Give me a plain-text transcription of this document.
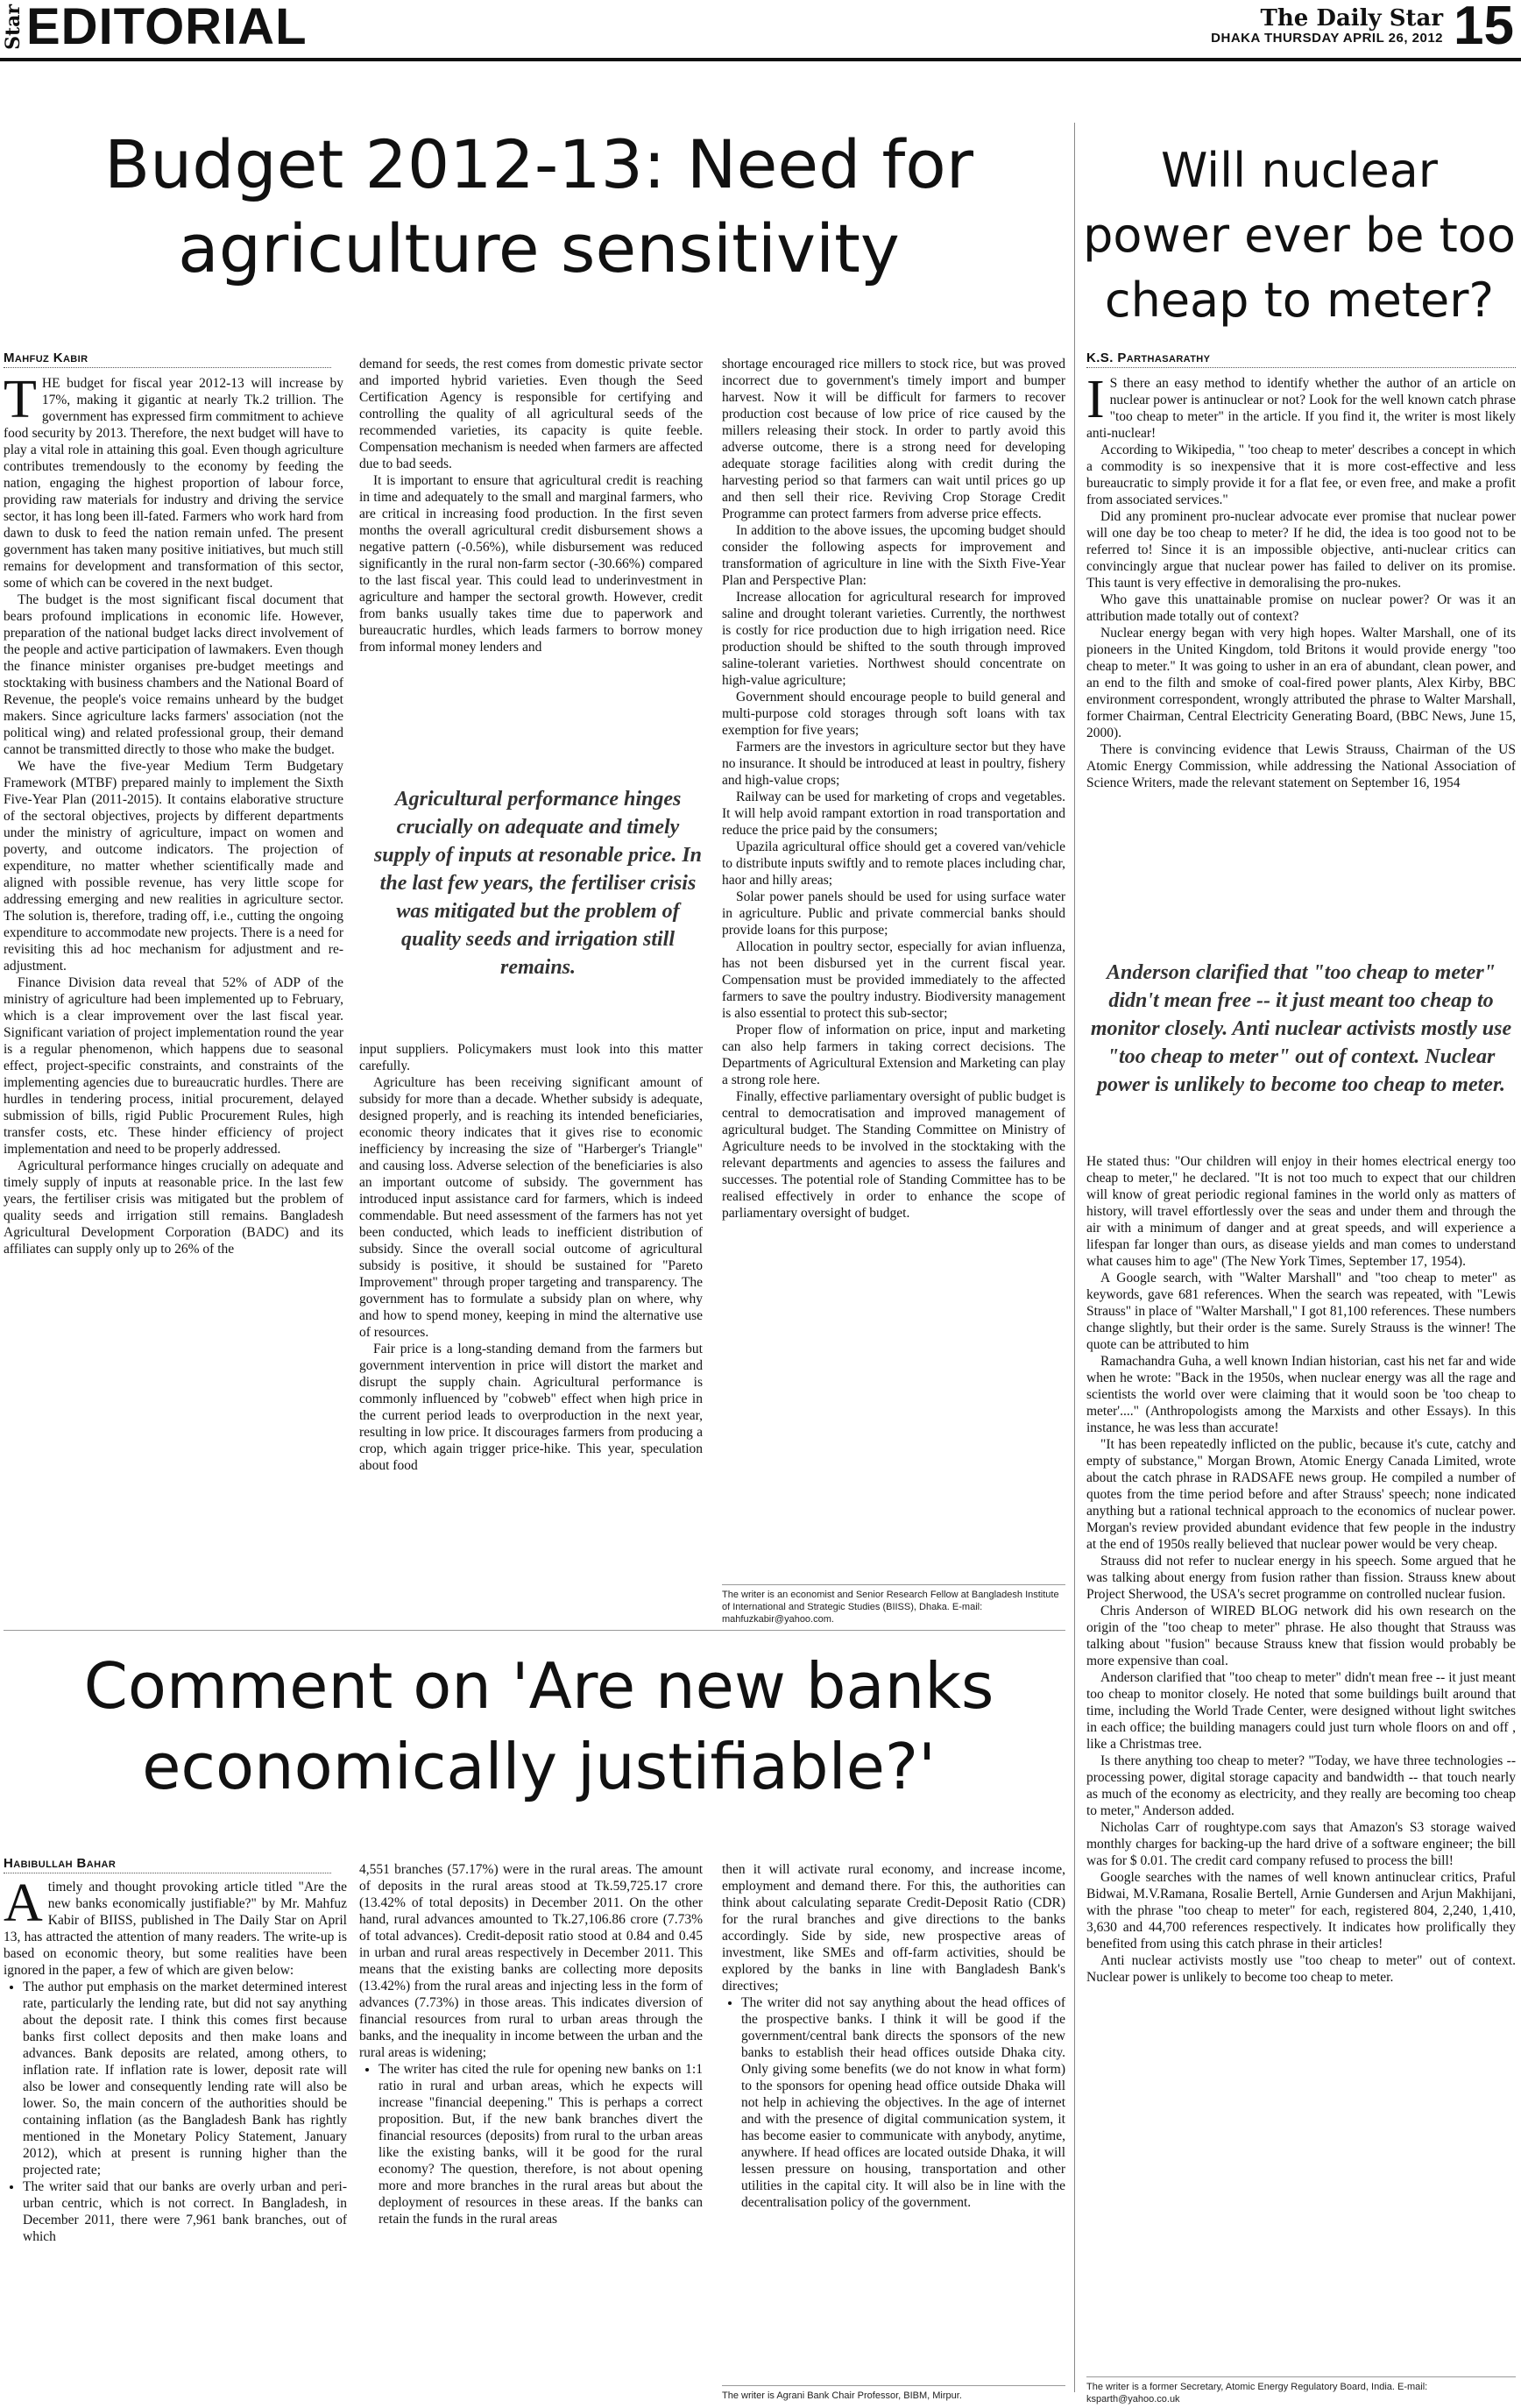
Star EDITORIAL	The Daily Star
DHAKA THURSDAY APRIL 26, 2012 15
Budget 2012-13: Need for agriculture sensitivity
Mahfuz Kabir

THE budget for fiscal year 2012-13 will increase by 17%, making it gigantic at nearly Tk.2 trillion. The government has expressed firm commitment to achieve food security by 2013. Therefore, the next budget will have to play a vital role in attaining this goal. Even though agriculture contributes tremendously to the economy by feeding the nation, engaging the highest proportion of labour force, providing raw materials for industry and driving the service sector, it has long been ill-fated. Farmers who work hard from dawn to dusk to feed the nation remain unfed. The present government has taken many positive initiatives, but much still remains for development and transformation of this sector, some of which can be covered in the next budget.

The budget is the most significant fiscal document that bears profound implications in economic life. However, preparation of the national budget lacks direct involvement of the people and active participation of lawmakers. Even though the finance minister organises pre-budget meetings and stocktaking with business chambers and the National Board of Revenue, the people's voice remains unheard by the budget makers. Since agriculture lacks farmers' association (not the political wing) and related professional group, their demand cannot be transmitted directly to those who make the budget.

We have the five-year Medium Term Budgetary Framework (MTBF) prepared mainly to implement the Sixth Five-Year Plan (2011-2015). It contains elaborative structure of the sectoral objectives, projects by different departments under the ministry of agriculture, impact on women and poverty, and outcome indicators. The projection of expenditure, no matter whether scientifically made and aligned with possible revenue, has very little scope for addressing emerging and new realities in agriculture sector. The solution is, therefore, trading off, i.e., cutting the ongoing expenditure to accommodate new projects. There is a need for revisiting this ad hoc mechanism for adjustment and re-adjustment.

Finance Division data reveal that 52% of ADP of the ministry of agriculture had been implemented up to February, which is a clear improvement over the last fiscal year. Significant variation of project implementation round the year is a regular phenomenon, which happens due to seasonal effect, project-specific constraints, and constraints of the implementing agencies due to bureaucratic hurdles. There are hurdles in tendering process, initial procurement, delayed submission of bills, rigid Public Procurement Rules, high transfer costs, etc. These hinder efficiency of project implementation and need to be properly addressed.

Agricultural performance hinges crucially on adequate and timely supply of inputs at reasonable price. In the last few years, the fertiliser crisis was mitigated but the problem of quality seeds and irrigation still remains. Bangladesh Agricultural Development Corporation (BADC) and its affiliates can supply only up to 26% of the

demand for seeds, the rest comes from domestic private sector and imported hybrid varieties. Even though the Seed Certification Agency is responsible for certifying and controlling the quality of all agricultural seeds of the recommended varieties, its capacity is quite feeble. Compensation mechanism is needed when farmers are affected due to bad seeds.

It is important to ensure that agricultural credit is reaching in time and adequately to the small and marginal farmers, who are critical in increasing food production. In the first seven months the overall agricultural credit disbursement shows a negative pattern (-0.56%), while disbursement was reduced significantly in the rural non-farm sector (-30.66%) compared to the last fiscal year. This could lead to underinvestment in agriculture and hamper the sectoral growth. However, credit from banks usually takes time due to paperwork and bureaucratic hurdles, which leads farmers to borrow money from informal money lenders and

Agricultural performance hinges crucially on adequate and timely supply of inputs at resonable price. In the last few years, the fertiliser crisis was mitigated but the problem of quality seeds and irrigation still remains.

input suppliers. Policymakers must look into this matter carefully.

Agriculture has been receiving significant amount of subsidy for more than a decade. Whether subsidy is adequate, designed properly, and is reaching its intended beneficiaries, economic theory indicates that it gives rise to economic inefficiency by increasing the size of "Harberger's Triangle" and causing loss. Adverse selection of the beneficiaries is also an important outcome of subsidy. The government has introduced input assistance card for farmers, which is indeed commendable. But need assessment of the farmers has not yet been conducted, which leads to inefficient distribution of subsidy. Since the overall social outcome of agricultural subsidy is positive, it should be sustained for "Pareto Improvement" through proper targeting and transparency. The government has to formulate a subsidy plan on where, why and how to spend money, keeping in mind the alternative use of resources.

Fair price is a long-standing demand from the farmers but government intervention in price will distort the market and disrupt the supply chain. Agricultural performance is commonly influenced by "cobweb" effect when high price in the current period leads to overproduction in the next year, resulting in low price. It discourages farmers from producing a crop, which again trigger price-hike. This year, speculation about food

shortage encouraged rice millers to stock rice, but was proved incorrect due to government's timely import and bumper harvest. Now it will be difficult for farmers to recover production cost because of low price of rice caused by the millers releasing their stock. In order to partly avoid this adverse outcome, there is a strong need for developing adequate storage facilities along with credit during the harvesting period so that farmers can wait until prices go up and then sell their rice. Reviving Crop Storage Credit Programme can protect farmers from adverse price effects.

In addition to the above issues, the upcoming budget should consider the following aspects for improvement and transformation of agriculture in line with the Sixth Five-Year Plan and Perspective Plan:

Increase allocation for agricultural research for improved saline and drought tolerant varieties. Currently, the northwest is costly for rice production due to high irrigation need. Rice production should be shifted to the south through improved saline-tolerant varieties. Northwest should concentrate on high-value agriculture;

Government should encourage people to build general and multi-purpose cold storages through soft loans with tax exemption for five years;

Farmers are the investors in agriculture sector but they have no insurance. It should be introduced at least in poultry, fishery and high-value crops;

Railway can be used for marketing of crops and vegetables. It will help avoid rampant extortion in road transportation and reduce the price paid by the consumers;

Upazila agricultural office should get a covered van/vehicle to distribute inputs swiftly and to remote places including char, haor and hilly areas;

Solar power panels should be used for using surface water in agriculture. Public and private commercial banks should provide loans for this purpose;

Allocation in poultry sector, especially for avian influenza, has not been disbursed yet in the current fiscal year. Compensation must be provided immediately to the affected farmers to save the poultry industry. Biodiversity management is also essential to protect this sub-sector;

Proper flow of information on price, input and marketing can also help farmers in taking correct decisions. The Departments of Agricultural Extension and Marketing can play a strong role here.

Finally, effective parliamentary oversight of public budget is central to democratisation and improved management of agricultural budget. The Standing Committee on Ministry of Agriculture needs to be involved in the stocktaking with the relevant departments and agencies to assess the failures and successes. The potential role of Standing Committee has to be realised effectively in order to enhance the scope of parliamentary oversight of budget.

The writer is an economist and Senior Research Fellow at Bangladesh Institute of International and Strategic Studies (BIISS), Dhaka. E-mail: mahfuzkabir@yahoo.com.
Comment on 'Are new banks economically justifiable?'
Habibullah Bahar

Atimely and thought provoking article titled "Are the new banks economically justifiable?" by Mr. Mahfuz Kabir of BIISS, published in The Daily Star on April 13, has attracted the attention of many readers. The write-up is based on economic theory, but some realities have been ignored in the paper, a few of which are given below:

• The author put emphasis on the market determined interest rate, particularly the lending rate, but did not say anything about the deposit rate. I think this comes first because banks first collect deposits and then make loans and advances. Bank deposits are related, among others, to inflation rate. If inflation rate is lower, deposit rate will also be lower and consequently lending rate will also be lower. So, the main concern of the authorities should be containing inflation (as the Bangladesh Bank has rightly mentioned in the Monetary Policy Statement, January 2012), which at present is running higher than the projected rate;
• The writer said that our banks are overly urban and peri-urban centric, which is not correct. In Bangladesh, in December 2011, there were 7,961 bank branches, out of which

4,551 branches (57.17%) were in the rural areas. The amount of deposits in the rural areas stood at Tk.59,725.17 crore (13.42% of total deposits) in December 2011. On the other hand, rural advances amounted to Tk.27,106.86 crore (7.73% of total advances). Credit-deposit ratio stood at 0.84 and 0.45 in urban and rural areas respectively in December 2011. This means that the existing banks are collecting more deposits (13.42%) from the rural areas and injecting less in the form of advances (7.73%) in those areas. This indicates diversion of financial resources from rural to urban areas through the banks, and the inequality in income between the urban and the rural areas is widening;

• The writer has cited the rule for opening new banks on 1:1 ratio in rural and urban areas, which he expects will increase "financial deepening." This is perhaps a correct proposition. But, if the new bank branches divert the financial resources (deposits) from rural to the urban areas like the existing banks, will it be good for the rural economy? The question, therefore, is not about opening more and more branches in the rural areas but about the deployment of resources in these areas. If the banks can retain the funds in the rural areas

then it will activate rural economy, and increase income, employment and demand there. For this, the authorities can think about calculating separate Credit-Deposit Ratio (CDR) for the rural branches and give directions to the banks accordingly. Side by side, new prospective areas of investment, like SMEs and off-farm activities, should be explored by the banks in line with Bangladesh Bank's directives;

• The writer did not say anything about the head offices of the prospective banks. I think it will be good if the government/central bank directs the sponsors of the new banks to establish their head offices outside Dhaka city. Only giving some benefits (we do not know in what form) to the sponsors for opening head office outside Dhaka will not help in achieving the objectives. In the age of internet and with the presence of digital communication system, it has become easier to communicate with anybody, anytime, anywhere. If head offices are located outside Dhaka, it will lessen pressure on housing, transportation and other utilities in the capital city. It will also be in line with the decentralisation policy of the government.
The writer is Agrani Bank Chair Professor, BIBM, Mirpur.
Will nuclear power ever be too cheap to meter?
K.S. Parthasarathy

I S there an easy method to identify whether the author of an article on nuclear power is antinuclear or not? Look for the well known catch phrase "too cheap to meter" in the article. If you find it, the writer is most likely anti-nuclear!

According to Wikipedia, " 'too cheap to meter' describes a concept in which a commodity is so inexpensive that it is more cost-effective and less bureaucratic to simply provide it for a flat fee, or even free, and make a profit from associated services."

Did any prominent pro-nuclear advocate ever promise that nuclear power will one day be too cheap to meter? If he did, the idea is too good not to be referred to! Since it is an impossible objective, anti-nuclear critics can convincingly argue that nuclear power has failed to deliver on its promise. This taunt is very effective in demoralising the pro-nukes.

Who gave this unattainable promise on nuclear power? Or was it an attribution made totally out of context?

Nuclear energy began with very high hopes. Walter Marshall, one of its pioneers in the United Kingdom, told Britons it would provide energy "too cheap to meter." It was going to usher in an era of abundant, clean power, and an end to the filth and smoke of coal-fired power plants, Alex Kirby, BBC environment correspondent, wrongly attributed the phrase to Walter Marshall, former Chairman, Central Electricity Generating Board, (BBC News, June 15, 2000).

There is convincing evidence that Lewis Strauss, Chairman of the US Atomic Energy Commission, while addressing the National Association of Science Writers, made the relevant statement on September 16, 1954

Anderson clarified that "too cheap to meter" didn't mean free -- it just meant too cheap to monitor closely. Anti nuclear activists mostly use "too cheap to meter" out of context. Nuclear power is unlikely to become too cheap to meter.

He stated thus: "Our children will enjoy in their homes electrical energy too cheap to meter," he declared. "It is not too much to expect that our children will know of great periodic regional famines in the world only as matters of history, will travel effortlessly over the seas and under them and through the air with a minimum of danger and at great speeds, and will experience a lifespan far longer than ours, as disease yields and man comes to understand what causes him to age" (The New York Times, September 17, 1954).

A Google search, with "Walter Marshall" and "too cheap to meter" as keywords, gave 681 references. When the search was repeated, with "Lewis Strauss" in place of "Walter Marshall," I got 81,100 references. These numbers change slightly, but their order is the same. Surely Strauss is the winner! The quote can be attributed to him

Ramachandra Guha, a well known Indian historian, cast his net far and wide when he wrote: "Back in the 1950s, when nuclear energy was all the rage and scientists the world over were claiming that it would soon be 'too cheap to meter'...." (Anthropologists among the Marxists and other Essays). In this instance, he was less than accurate!

"It has been repeatedly inflicted on the public, because it's cute, catchy and empty of substance," Morgan Brown, Atomic Energy Canada Limited, wrote about the catch phrase in RADSAFE news group. He compiled a number of quotes from the time period before and after Strauss' speech; none indicated anything but a rational technical approach to the economics of nuclear power. Morgan's review provided abundant evidence that few people in the industry at the end of 1950s really believed that nuclear power would be very cheap.

Strauss did not refer to nuclear energy in his speech. Some argued that he was talking about energy from fusion rather than fission. Strauss knew about Project Sherwood, the USA's secret programme on controlled nuclear fusion.

Chris Anderson of WIRED BLOG network did his own research on the origin of the "too cheap to meter" phrase. He also thought that Strauss was talking about "fusion" because Strauss knew that fission would probably be more expensive than coal.

Anderson clarified that "too cheap to meter" didn't mean free -- it just meant too cheap to monitor closely. He noted that some buildings built around that time, including the World Trade Center, were designed without light switches in each office; the building managers could just turn whole floors on and off , like a Christmas tree.

Is there anything too cheap to meter? "Today, we have three technologies -- processing power, digital storage capacity and bandwidth -- that touch nearly as much of the economy as electricity, and they really are becoming too cheap to meter," Anderson added.

Nicholas Carr of roughtype.com says that Amazon's S3 storage waived monthly charges for backing-up the hard drive of a software engineer; the bill was for $ 0.01. The credit card company refused to process the bill!

Google searches with the names of well known antinuclear critics, Praful Bidwai, M.V.Ramana, Rosalie Bertell, Arnie Gundersen and Arjun Makhijani, with the phrase "too cheap to meter" for each, registered 804, 2,240, 1,410, 3,630 and 44,700 references respectively. It indicates how prolifically they benefited from using this catch phrase in their articles!

Anti nuclear activists mostly use "too cheap to meter" out of context. Nuclear power is unlikely to become too cheap to meter.

The writer is a former Secretary, Atomic Energy Regulatory Board, India. E-mail: ksparth@yahoo.co.uk
